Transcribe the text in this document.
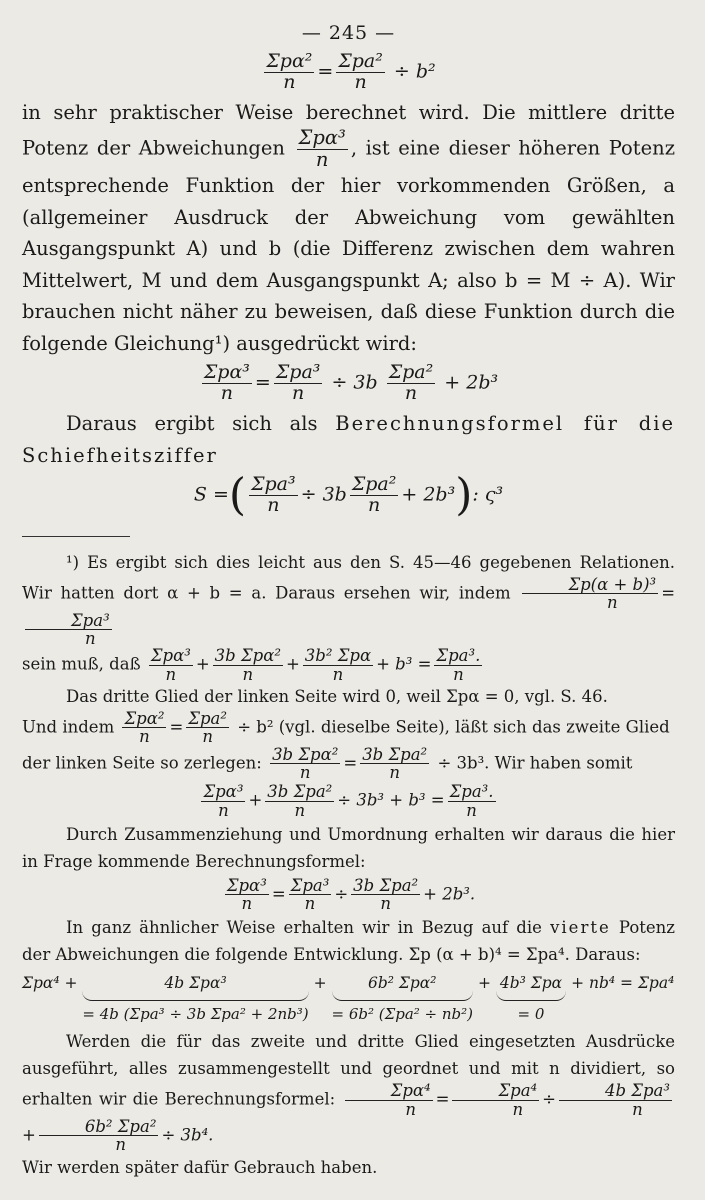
— 245 —
$\frac{\text{Σpα²}}{n} = \frac{\text{Σpa²}}{n} \div b^2$

in sehr praktischer Weise berechnet wird. Die mittlere dritte Potenz der Abweichungen $\frac{\text{Σpα³}}{n}$ , ist eine dieser höheren Potenz entsprechende Funktion der hier vorkommenden Größen, a (allgemeiner Ausdruck der Abweichung vom gewählten Ausgangspunkt A) und b (die Differenz zwischen dem wahren Mittelwert, M und dem Ausgangspunkt A; also b = M ÷ A). Wir brauchen nicht näher zu beweisen, daß diese Funktion durch die folgende Gleichung¹) ausgedrückt wird:

$\frac{\text{Σpα³}}{n} = \frac{\text{Σpa³}}{n} \div 3b \frac{\text{Σpa²}}{n} + 2b^3$

Daraus ergibt sich als Berechnungsformel für die Schiefheitsziffer

S =( $\frac{\text{Σpa³}}{n} \div 3b \frac{\text{Σpa²}}{n} + 2b^3$): ς³

¹) Es ergibt sich dies leicht aus den S. 45—46 gegebenen Relationen. Wir hatten dort α + b = a. Daraus ersehen wir, indem $\frac{\text{Σp(α + b)³}}{n}$ =
$\frac{\text{Σpa³}}{n}$

sein muß, daß $\frac{\text{Σpα³}}{n} + \frac{\text{3b Σpα²}}{n} + \frac{\text{3b² Σpα}}{n} + b^3 = \frac{\text{Σpa³.}}{n}$

Das dritte Glied der linken Seite wird 0, weil Σpα = 0, vgl. S. 46.

Und indem $\frac{\text{Σpα²}}{n} = \frac{\text{Σpa²}}{n} \div b^2$ (vgl. dieselbe Seite), läßt sich das zweite Glied

der linken Seite so zerlegen: $\frac{\text{3b Σpα²}}{n} = \frac{\text{3b Σpa²}}{n} \div 3b^3$. Wir haben somit

$\frac{\text{Σpα³}}{n} + \frac{\text{3b Σpa²}}{n} \div 3b^3 + b^3 = \frac{\text{Σpa³.}}{n}$

Durch Zusammenziehung und Umordnung erhalten wir daraus die hier in Frage kommende Berechnungsformel:

$\frac{\text{Σpα³}}{n} = \frac{\text{Σpa³}}{n} \div \frac{\text{3b Σpa²}}{n} + 2b^3$.

In ganz ähnlicher Weise erhalten wir in Bezug auf die vierte Potenz der Abweichungen die folgende Entwicklung. Σp (α + b)⁴ = Σpa⁴. Daraus:

Σpα⁴ +	4b Σpα³
= 4b (Σpa³ ÷ 3b Σpa² + 2nb³)
+	6b² Σpα²
= 6b² (Σpa² ÷ nb²)
+ 4b³ Σpα
= 0
+ nb⁴ = Σpa⁴

Werden die für das zweite und dritte Glied eingesetzten Ausdrücke ausgeführt, alles zusammengestellt und geordnet und mit n dividiert, so erhalten wir die Berechnungsformel: $\frac{\text{Σpα⁴}}{n} = \frac{\text{Σpa⁴}}{n} \div \frac{\text{4b Σpa³}}{n}$
+ $\frac{\text{6b² Σpa²}}{n} \div 3b^4$.

Wir werden später dafür Gebrauch haben.
